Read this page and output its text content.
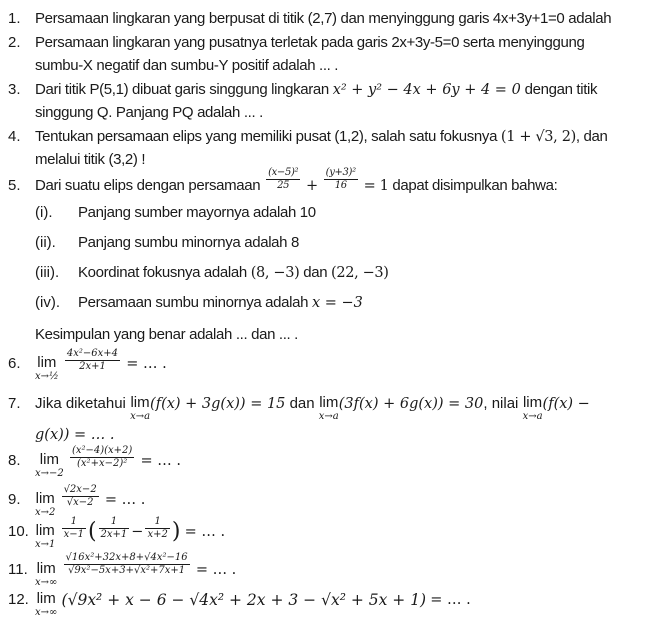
1. Persamaan lingkaran yang berpusat di titik (2,7) dan menyinggung garis 4x+3y+1=0 adalah
2. Persamaan lingkaran yang pusatnya terletak pada garis 2x+3y-5=0 serta menyinggung
sumbu-X negatif dan sumbu-Y positif adalah ... .
3. Dari titik P(5,1) dibuat garis singgung lingkaran x² + y² − 4x + 6y + 4 = 0 dengan titik
singgung Q. Panjang PQ adalah ... .
4. Tentukan persamaan elips yang memiliki pusat (1,2), salah satu fokusnya (1 + √3, 2), dan
melalui titik (3,2) !
5. Dari suatu elips dengan persamaan $\frac{\text{(x−5)²}}{25} + \frac{\text{(y+3)²}}{16} = 1$ dapat disimpulkan bahwa:
(i). Panjang sumber mayornya adalah 10
(ii). Panjang sumbu minornya adalah 8
(iii). Koordinat fokusnya adalah (8, −3) dan (22, −3)
(iv). Persamaan sumbu minornya adalah x = −3
Kesimpulan yang benar adalah ... dan ... .
6. lim
x→½

$\frac{\text{4x²−6x+4}}{2x+1}$ = … .
7. Jika diketahui lim
x→a
(f(x) + 3g(x)) = 15 dan lim
x→a
(3f(x) + 6g(x)) = 30, nilai lim
x→a
(f(x) −
g(x)) = … .
8.	lim
x→−2

$\frac{\text{(x²−4)(x+2)}}{\text{(x²+x−2)²}}$ = … .
9. lim
x→2

$\frac{√2x-2}{√x-2}$ = … .
10. lim
x→1

$\frac{1}{x-1}$ ( $\frac{1}{2x+1} - \frac{1}{x+2}$ ) = … .
11. lim
x→∞

$\frac{\text{√16x²+32x+8+√4x²−16}}{\text{√9x²−5x+3+√x²+7x+1}}$ = … .
12. lim
x→∞
(√9x² + x − 6 − √4x² + 2x + 3 − √x² + 5x + 1) = … .
